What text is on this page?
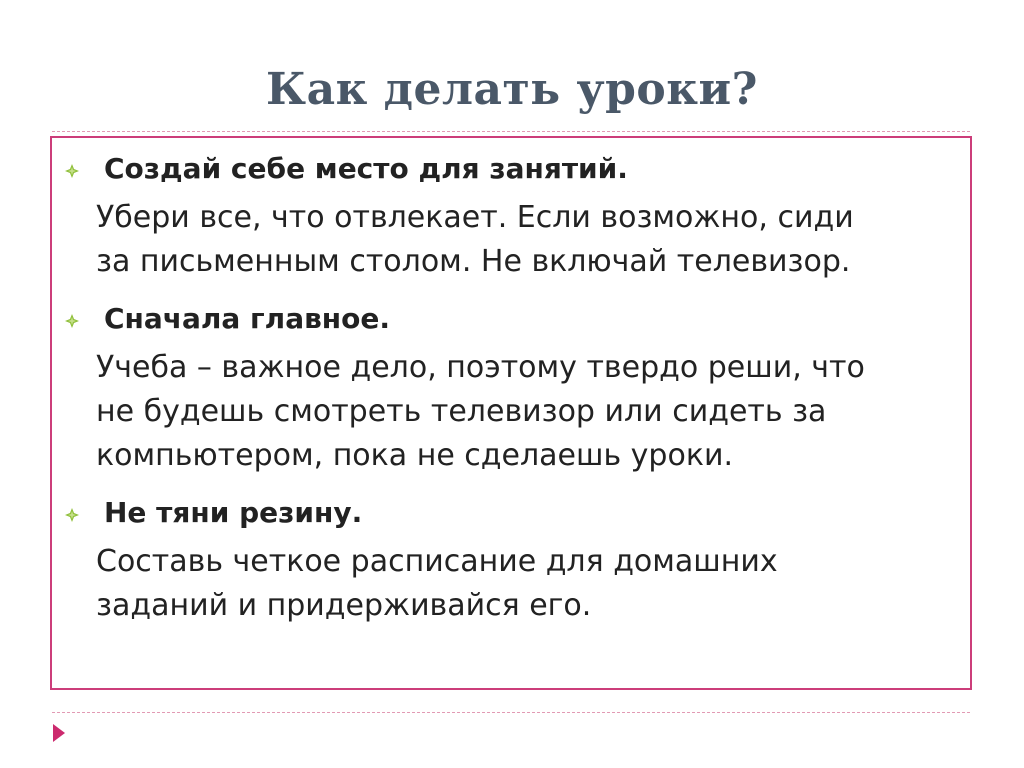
Как делать уроки?
Создай себе место для занятий.
Убери все, что отвлекает. Если возможно, сиди
за письменным столом. Не включай телевизор.
Сначала главное.
Учеба – важное дело, поэтому твердо реши, что
не будешь смотреть телевизор или сидеть за
компьютером, пока не сделаешь уроки.
Не тяни резину.
Составь четкое расписание для домашних
заданий и придерживайся его.
